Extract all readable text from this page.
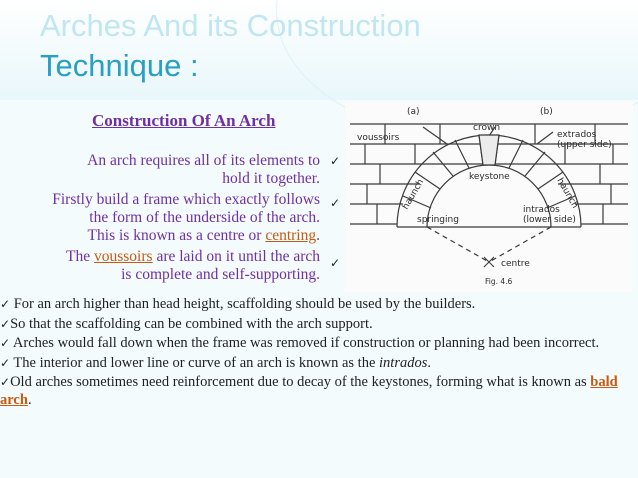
Arches And its Construction
Technique :
Construction Of An Arch
An arch requires all of its elements to
hold it together.
Firstly build a frame which exactly follows
the form of the underside of the arch.
This is known as a centre or centring.
The voussoirs are laid on it until the arch
is complete and self-supporting.
✓
✓
✓
(a)	(b)
crown
voussoirs	extrados
(upper side)
keystone
haunch	haunch
springing
intrados
(lower side)
centre
Fig. 4.6

✓ For an arch higher than head height, scaffolding should be used by the builders.

✓So that the scaffolding can be combined with the arch support.

✓ Arches would fall down when the frame was removed if construction or planning had been incorrect.

✓ The interior and lower line or curve of an arch is known as the intrados.

✓Old arches sometimes need reinforcement due to decay of the keystones, forming what is known as bald arch.
